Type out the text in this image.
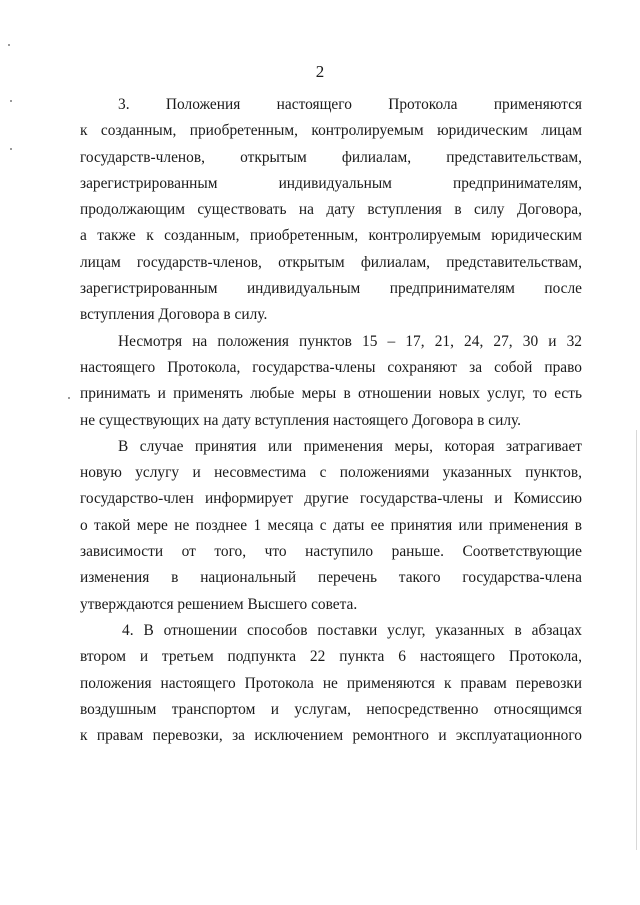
2
3. Положения настоящего Протокола применяются
к созданным, приобретенным, контролируемым юридическим лицам
государств-членов, открытым филиалам, представительствам,
зарегистрированным индивидуальным предпринимателям,
продолжающим существовать на дату вступления в силу Договора,
а также к созданным, приобретенным, контролируемым юридическим
лицам государств-членов, открытым филиалам, представительствам,
зарегистрированным индивидуальным предпринимателям после
вступления Договора в силу.
Несмотря на положения пунктов 15 – 17, 21, 24, 27, 30 и 32
настоящего Протокола, государства-члены сохраняют за собой право
принимать и применять любые меры в отношении новых услуг, то есть
не существующих на дату вступления настоящего Договора в силу.
В случае принятия или применения меры, которая затрагивает
новую услугу и несовместима с положениями указанных пунктов,
государство-член информирует другие государства-члены и Комиссию
о такой мере не позднее 1 месяца с даты ее принятия или применения в
зависимости от того, что наступило раньше. Соответствующие
изменения в национальный перечень такого государства-члена
утверждаются решением Высшего совета.
4. В отношении способов поставки услуг, указанных в абзацах
втором и третьем подпункта 22 пункта 6 настоящего Протокола,
положения настоящего Протокола не применяются к правам перевозки
воздушным транспортом и услугам, непосредственно относящимся
к правам перевозки, за исключением ремонтного и эксплуатационного
